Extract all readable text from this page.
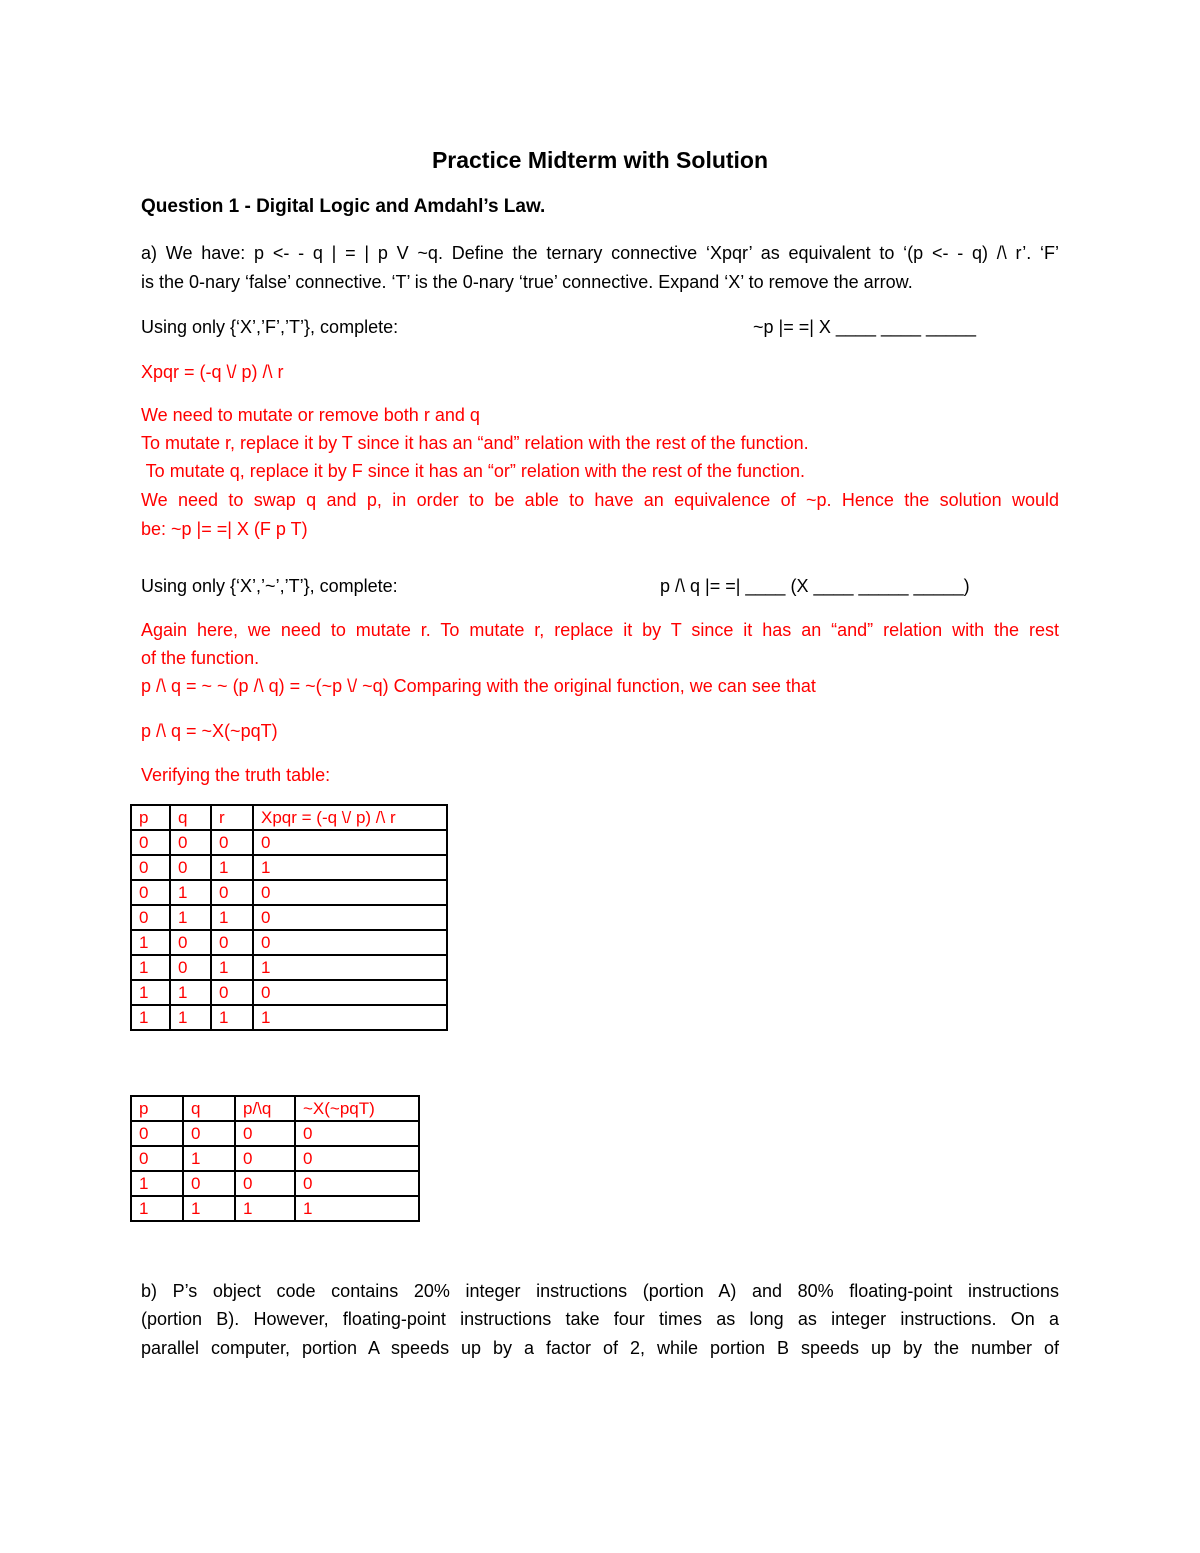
Practice Midterm with Solution
Question 1 - Digital Logic and Amdahl’s Law.
a) We have: p <- - q | = | p V ~q. Define the ternary connective ‘Xpqr’ as equivalent to ‘(p <- - q) /\ r’. ‘F’
is the 0-nary ‘false’ connective. ‘T’ is the 0-nary ‘true’ connective. Expand ‘X’ to remove the arrow.
Using only {‘X’,’F’,’T’}, complete:	~p |= =| X ____ ____ _____
Xpqr = (-q \/ p) /\ r
We need to mutate or remove both r and q
To mutate r, replace it by T since it has an “and” relation with the rest of the function.
To mutate q, replace it by F since it has an “or” relation with the rest of the function.
We need to swap q and p, in order to be able to have an equivalence of ~p. Hence the solution would
be: ~p |= =| X (F p T)
Using only {‘X’,’~’,’T’}, complete:	p /\ q |= =| ____ (X ____ _____ _____)
Again here, we need to mutate r. To mutate r, replace it by T since it has an “and” relation with the rest
of the function.
p /\ q = ~ ~ (p /\ q) = ~(~p \/ ~q) Comparing with the original function, we can see that
p /\ q = ~X(~pqT)
Verifying the truth table:
p	q	r	Xpqr = (-q \/ p) /\ r
0	0	0	0
0	0	1	1
0	1	0	0
0	1	1	0
1	0	0	0
1	0	1	1
1	1	0	0
1	1	1	1
p	q	p/\q	~X(~pqT)
0	0	0	0
0	1	0	0
1	0	0	0
1	1	1	1
b) P’s object code contains 20% integer instructions (portion A) and 80% floating-point instructions
(portion B). However, floating-point instructions take four times as long as integer instructions. On a
parallel computer, portion A speeds up by a factor of 2, while portion B speeds up by the number of
